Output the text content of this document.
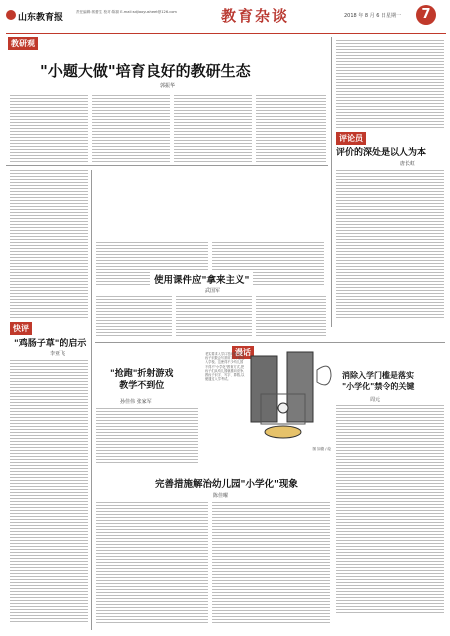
山东教育报
责任编辑:郭蕾生 校对:陈源 E-mail:sdjiaoyusheet@126.com	教育杂谈	7
2018 年 8 月 6 日 星期一
教研观
"小题大做"培育良好的教研生态
郭振华
评论员
评价的深处是以人为本
唐长虹
快评
"鸡肠子草"的启示
李亚飞
使用课件应"拿来主义"
武国军
漫话
"抢跑"折射游戏
教学不到位
孙佳伟 张家军
老实要求入学口答问题,要求孩子识数会写常用字,才能进入学校。这使得不少幼儿园不得不"小学化"教育方式,把孩子们从幼儿园就推向竞争,教孩子识字、写字、算数,以便通过入学考试。
图 如德 / 绘
消除入学门槛是落实
"小学化"禁令的关键
周元
完善措施解治幼儿园"小学化"现象
陈佳曜
